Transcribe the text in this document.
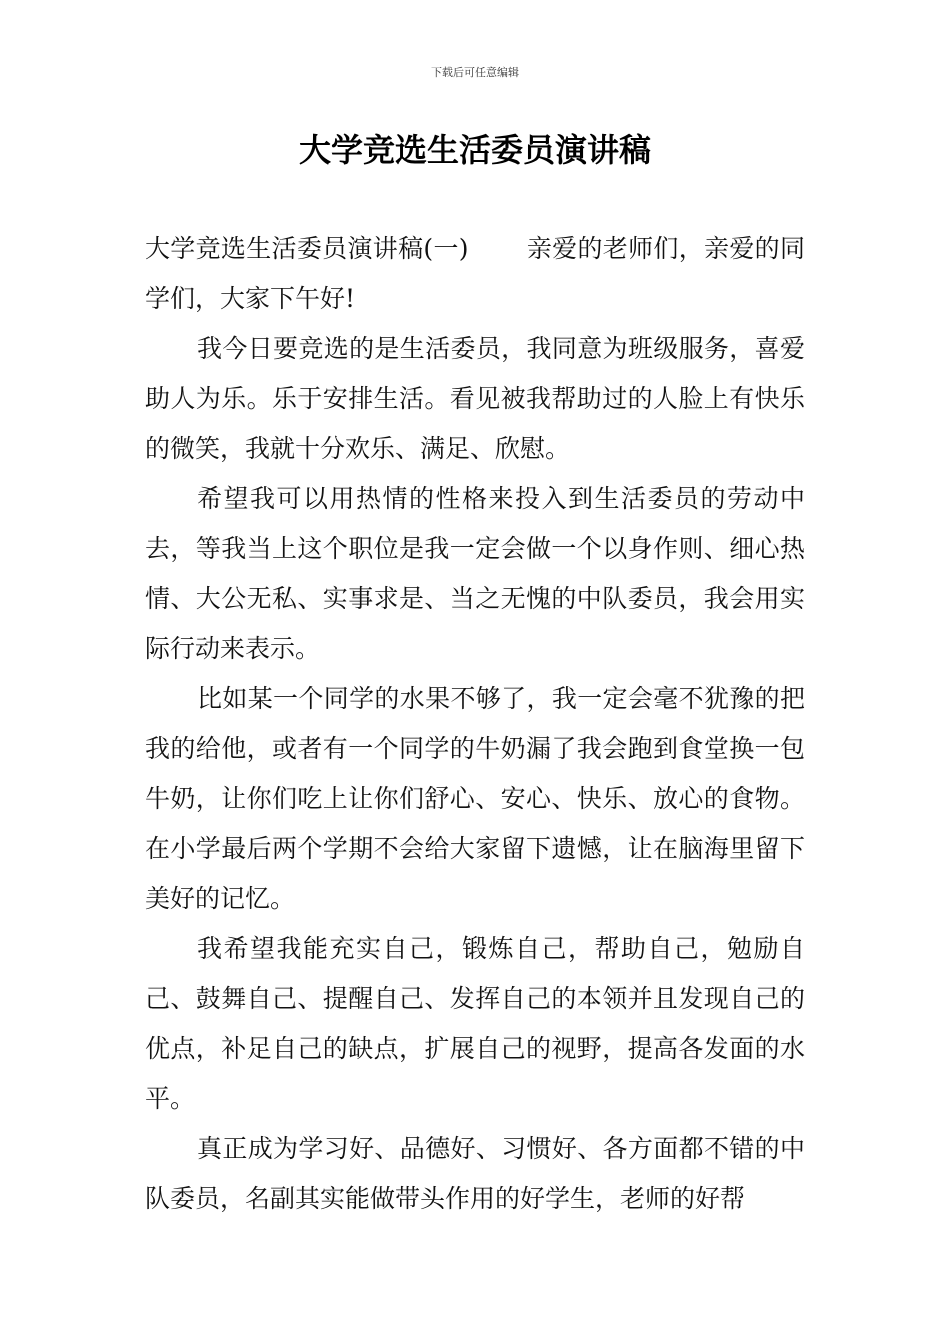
下载后可任意编辑
大学竞选生活委员演讲稿

大学竞选生活委员演讲稿(一) 亲爱的老师们，亲爱的同学们，大家下午好!

我今日要竞选的是生活委员，我同意为班级服务，喜爱助人为乐。乐于安排生活。看见被我帮助过的人脸上有快乐的微笑，我就十分欢乐、满足、欣慰。

希望我可以用热情的性格来投入到生活委员的劳动中去，等我当上这个职位是我一定会做一个以身作则、细心热情、大公无私、实事求是、当之无愧的中队委员，我会用实际行动来表示。

比如某一个同学的水果不够了，我一定会毫不犹豫的把我的给他，或者有一个同学的牛奶漏了我会跑到食堂换一包牛奶，让你们吃上让你们舒心、安心、快乐、放心的食物。在小学最后两个学期不会给大家留下遗憾，让在脑海里留下美好的记忆。

我希望我能充实自己，锻炼自己，帮助自己，勉励自己、鼓舞自己、提醒自己、发挥自己的本领并且发现自己的优点，补足自己的缺点，扩展自己的视野，提高各发面的水平。

真正成为学习好、品德好、习惯好、各方面都不错的中队委员，名副其实能做带头作用的好学生，老师的好帮
